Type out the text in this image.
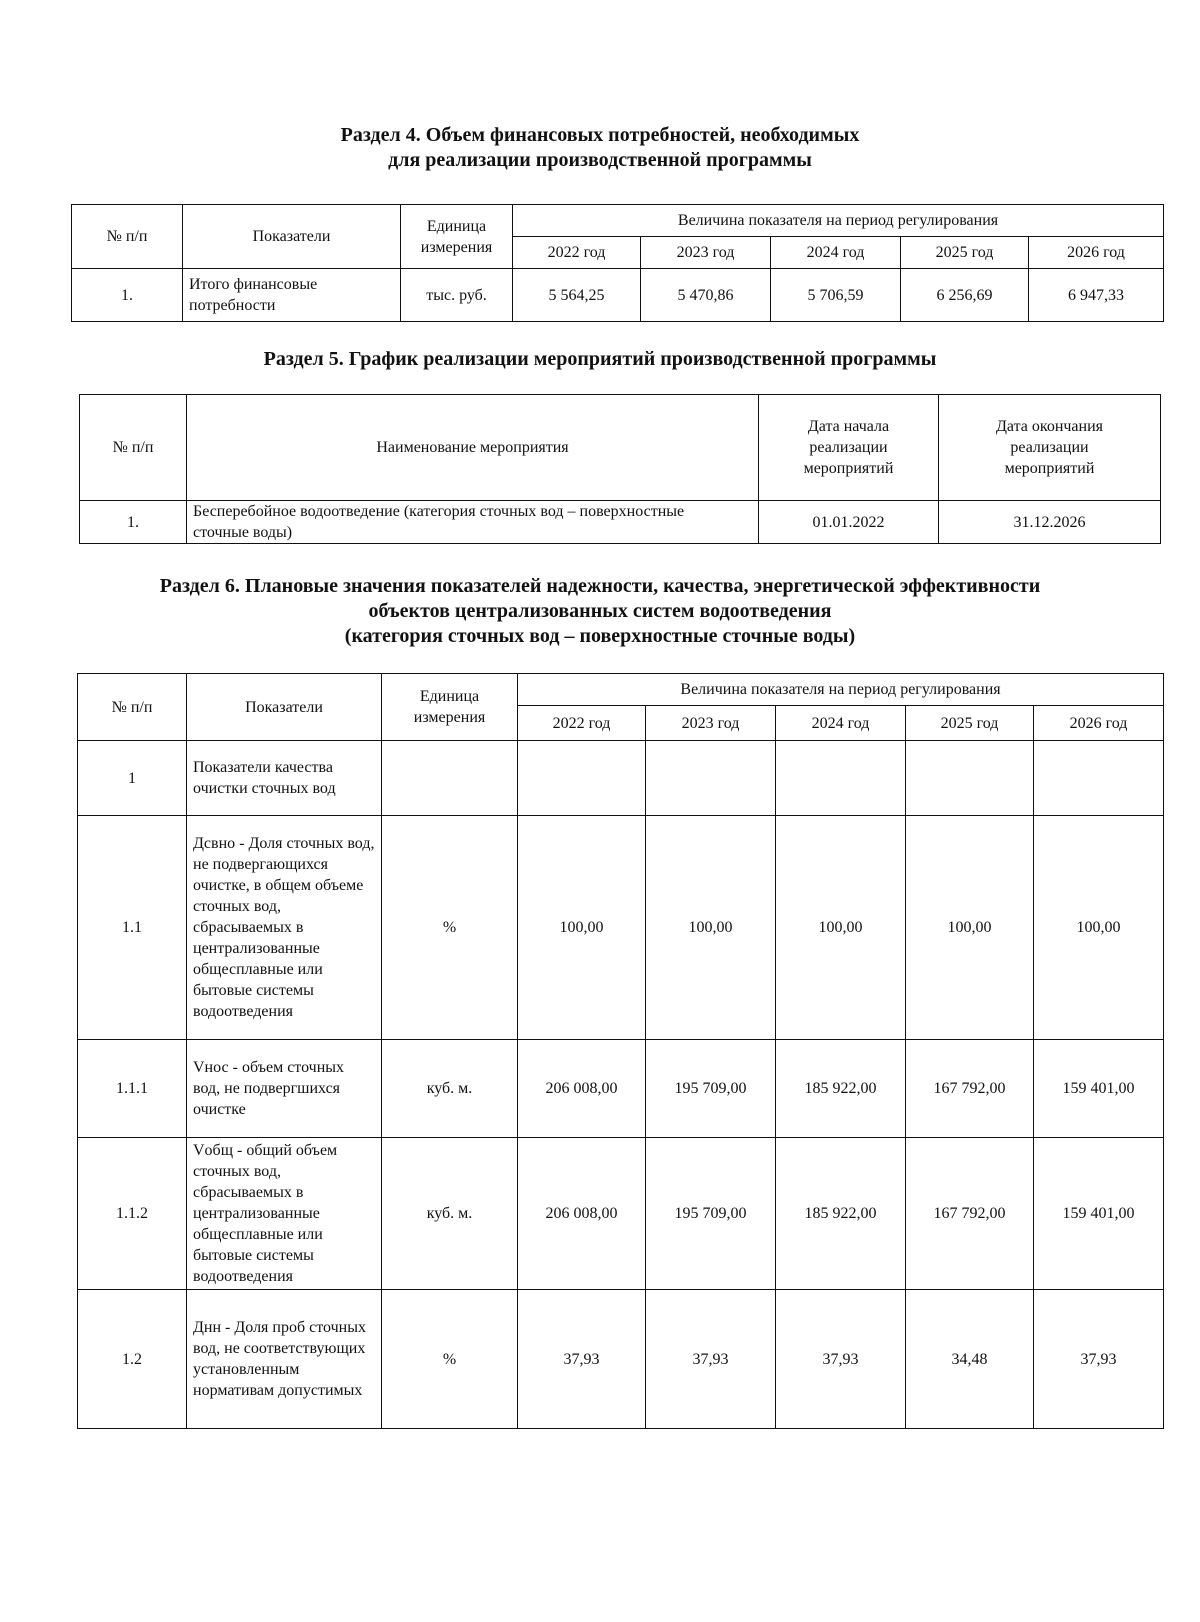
Раздел 4. Объем финансовых потребностей, необходимых
для реализации производственной программы
№ п/п	Показатели	Единица измерения	Величина показателя на период регулирования				
			2022 год	2023 год	2024 год	2025 год	2026 год
1.	Итого финансовые потребности	тыс. руб.	5 564,25	5 470,86	5 706,59	6 256,69	6 947,33
Раздел 5. График реализации мероприятий производственной программы
№ п/п	Наименование мероприятия	Дата начала реализации мероприятий	Дата окончания реализации мероприятий
1.	Бесперебойное водоотведение (категория сточных вод – поверхностные сточные воды)	01.01.2022	31.12.2026
Раздел 6. Плановые значения показателей надежности, качества, энергетической эффективности
объектов централизованных систем водоотведения
(категория сточных вод – поверхностные сточные воды)
№ п/п	Показатели	Единица измерения	Величина показателя на период регулирования				
			2022 год	2023 год	2024 год	2025 год	2026 год
1	Показатели качества очистки сточных вод						
1.1	Дсвно - Доля сточных вод, не подвергающихся очистке, в общем объеме сточных вод, сбрасываемых в централизованные общесплавные или бытовые системы водоотведения	%	100,00	100,00	100,00	100,00	100,00
1.1.1	Vнос - объем сточных вод, не подвергшихся очистке	куб. м.	206 008,00	195 709,00	185 922,00	167 792,00	159 401,00
1.1.2	Vобщ - общий объем сточных вод, сбрасываемых в централизованные общесплавные или бытовые системы водоотведения	куб. м.	206 008,00	195 709,00	185 922,00	167 792,00	159 401,00
1.2	Днн - Доля проб сточных вод, не соответствующих установленным нормативам допустимых	%	37,93	37,93	37,93	34,48	37,93
